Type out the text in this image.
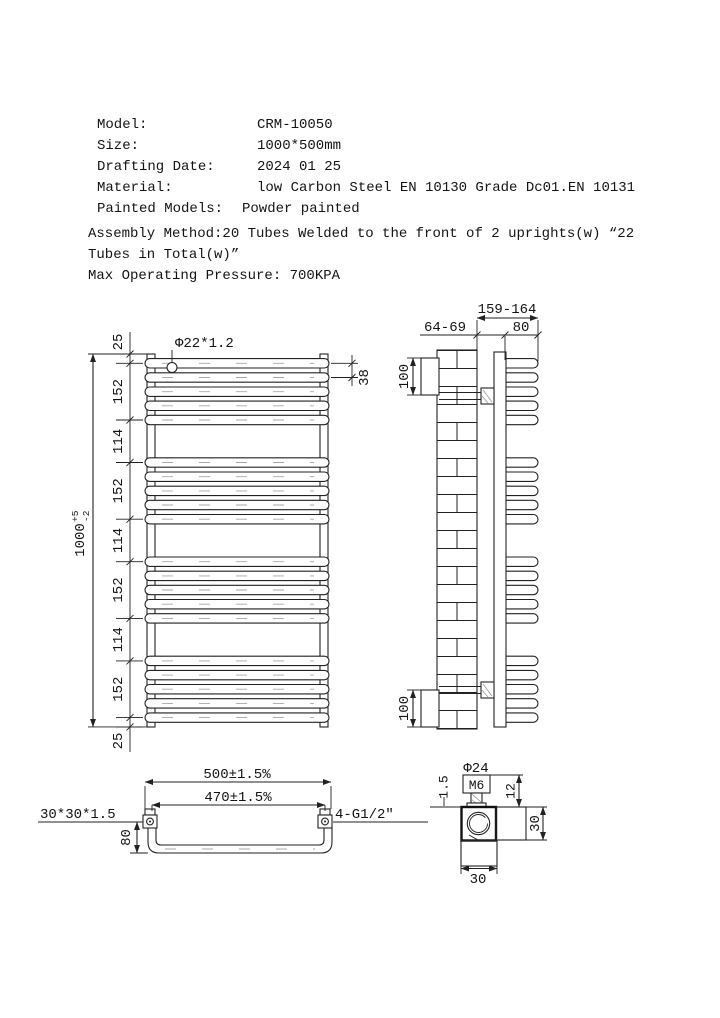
Model:	CRM-10050
Size:	1000*500mm
Drafting Date:	2024 01 25
Material:	low Carbon Steel EN 10130 Grade Dc01.EN 10131
Painted Models: Powder painted
Assembly Method:20 Tubes Welded to the front of 2 uprights(w) “22
Tubes in Total(w)”
Max Operating Pressure: 700KPA
25
152
114
152
114
152
114
152
25
1000
+5 -2
Φ22*1.2
38
159-164
64-69	80
100
100
30*30*1.5	4-G1/2″
500±1.5%
470±1.5%
80
Φ24
M6
1.5	12
30
30
